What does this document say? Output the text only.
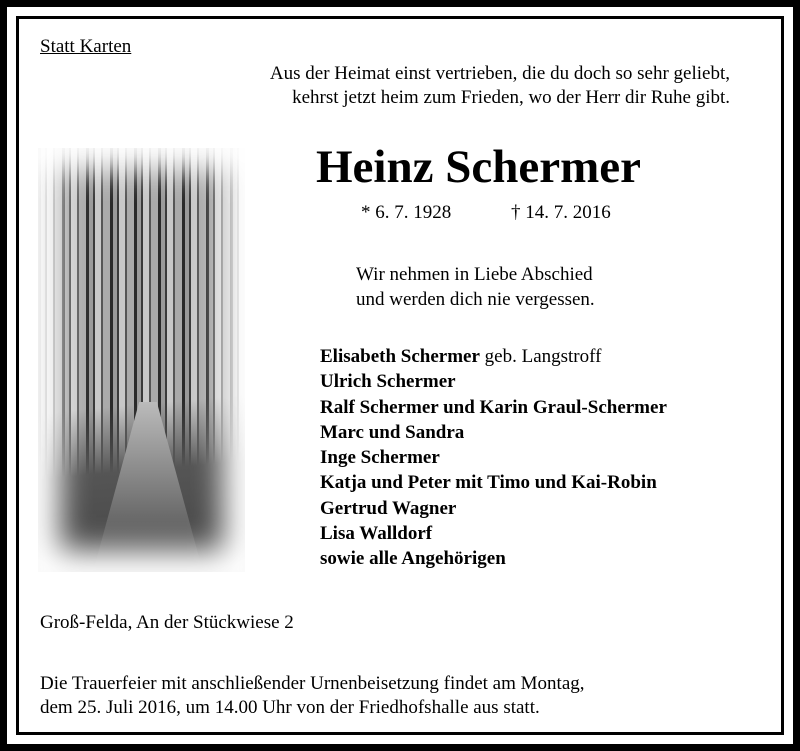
Statt Karten
Aus der Heimat einst vertrieben, die du doch so sehr geliebt,
kehrst jetzt heim zum Frieden, wo der Herr dir Ruhe gibt.
Heinz Schermer
* 6. 7. 1928	† 14. 7. 2016
Wir nehmen in Liebe Abschied
und werden dich nie vergessen.
Elisabeth Schermer geb. Langstroff
Ulrich Schermer
Ralf Schermer und Karin Graul-Schermer
Marc und Sandra
Inge Schermer
Katja und Peter mit Timo und Kai-Robin
Gertrud Wagner
Lisa Walldorf
sowie alle Angehörigen
Groß-Felda, An der Stückwiese 2
Die Trauerfeier mit anschließender Urnenbeisetzung findet am Montag,
dem 25. Juli 2016, um 14.00 Uhr von der Friedhofshalle aus statt.
